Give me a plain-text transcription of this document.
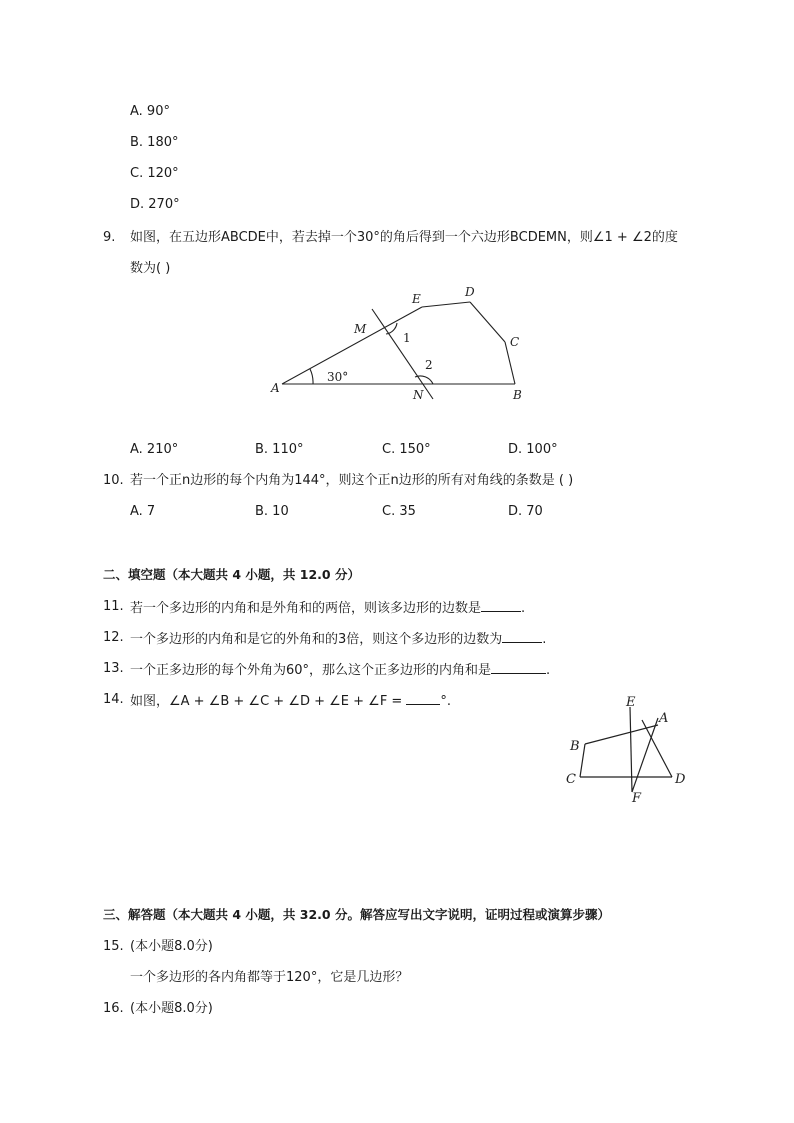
A. 90°
B. 180°
C. 120°
D. 270°
9. 如图，在五边形ABCDE中，若去掉一个30°的角后得到一个六边形BCDEMN，则∠1 + ∠2的度
数为( )
A	B
C
D
E
M
N
1
2
30°
A. 210°	B. 110°	C. 150°	D. 100°
10. 若一个正n边形的每个内角为144°，则这个正n边形的所有对角线的条数是 ( )
A. 7	B. 10	C. 35	D. 70
二、填空题（本大题共 4 小题，共 12.0 分）
11. 若一个多边形的内角和是外角和的两倍，则该多边形的边数是	.
12. 一个多边形的内角和是它的外角和的3倍，则这个多边形的边数为	.
13. 一个正多边形的每个外角为60°，那么这个正多边形的内角和是	.
14. 如图，∠A + ∠B + ∠C + ∠D + ∠E + ∠F =	°.	E
A
B
C	D
F
三、解答题（本大题共 4 小题，共 32.0 分。解答应写出文字说明，证明过程或演算步骤）
15. (本小题8.0分)
一个多边形的各内角都等于120°，它是几边形？
16. (本小题8.0分)
